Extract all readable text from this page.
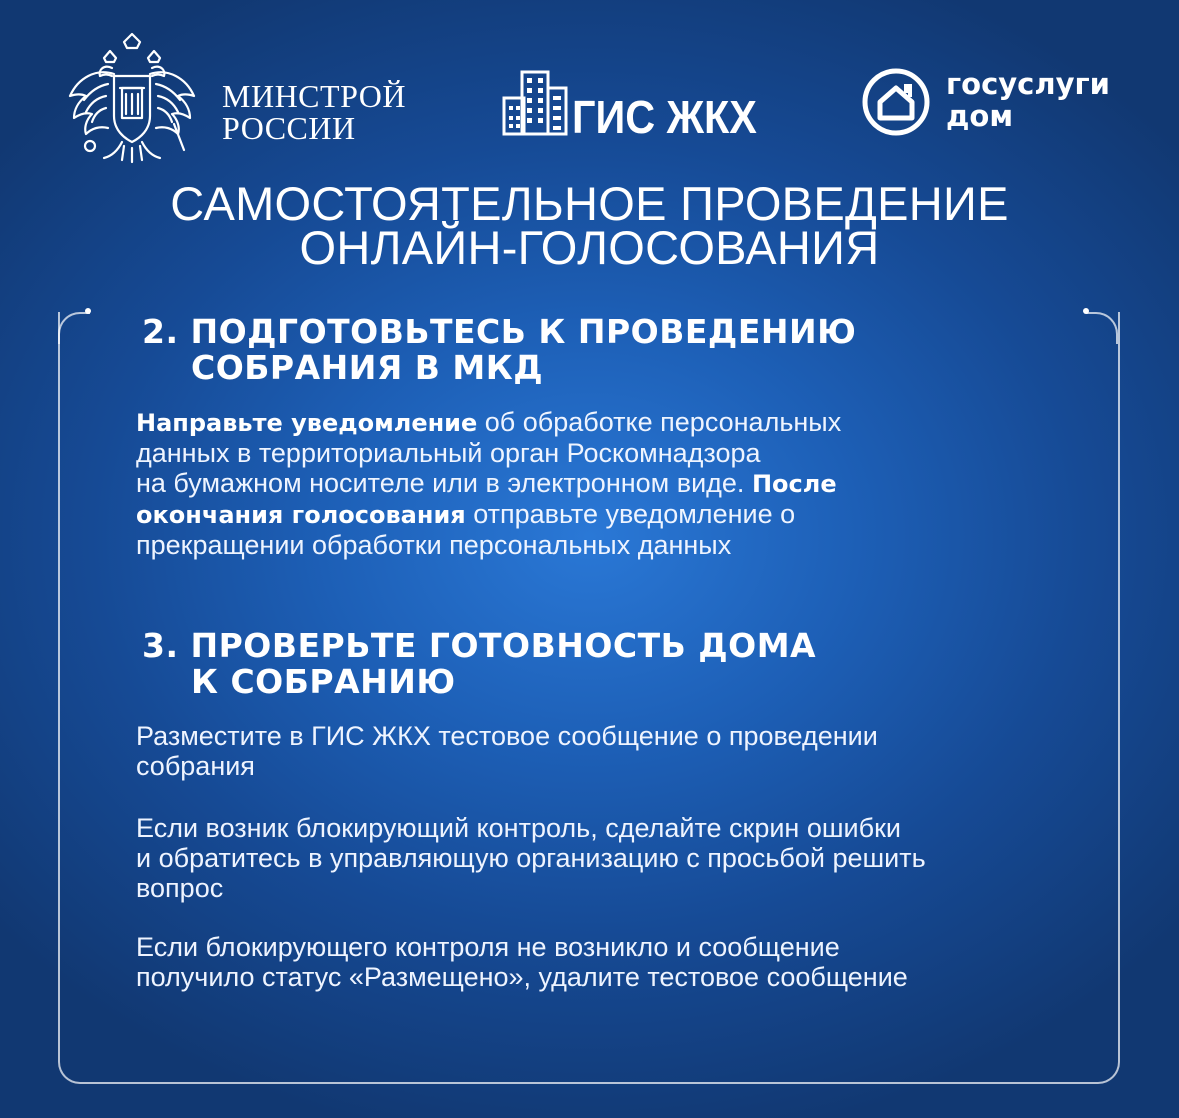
МИНСТРОЙ
РОССИИ	ГИС ЖКХ
госуслуги
дом
САМОСТОЯТЕЛЬНОЕ ПРОВЕДЕНИЕ
ОНЛАЙН-ГОЛОСОВАНИЯ
2. ПОДГОТОВЬТЕСЬ К ПРОВЕДЕНИЮ
СОБРАНИЯ В МКД
Направьте уведомление об обработке персональных
данных в территориальный орган Роскомнадзора
на бумажном носителе или в электронном виде. После
окончания голосования отправьте уведомление о
прекращении обработки персональных данных
3. ПРОВЕРЬТЕ ГОТОВНОСТЬ ДОМА
К СОБРАНИЮ
Разместите в ГИС ЖКХ тестовое сообщение о проведении
собрания
Если возник блокирующий контроль, сделайте скрин ошибки
и обратитесь в управляющую организацию с просьбой решить
вопрос
Если блокирующего контроля не возникло и сообщение
получило статус «Размещено», удалите тестовое сообщение
